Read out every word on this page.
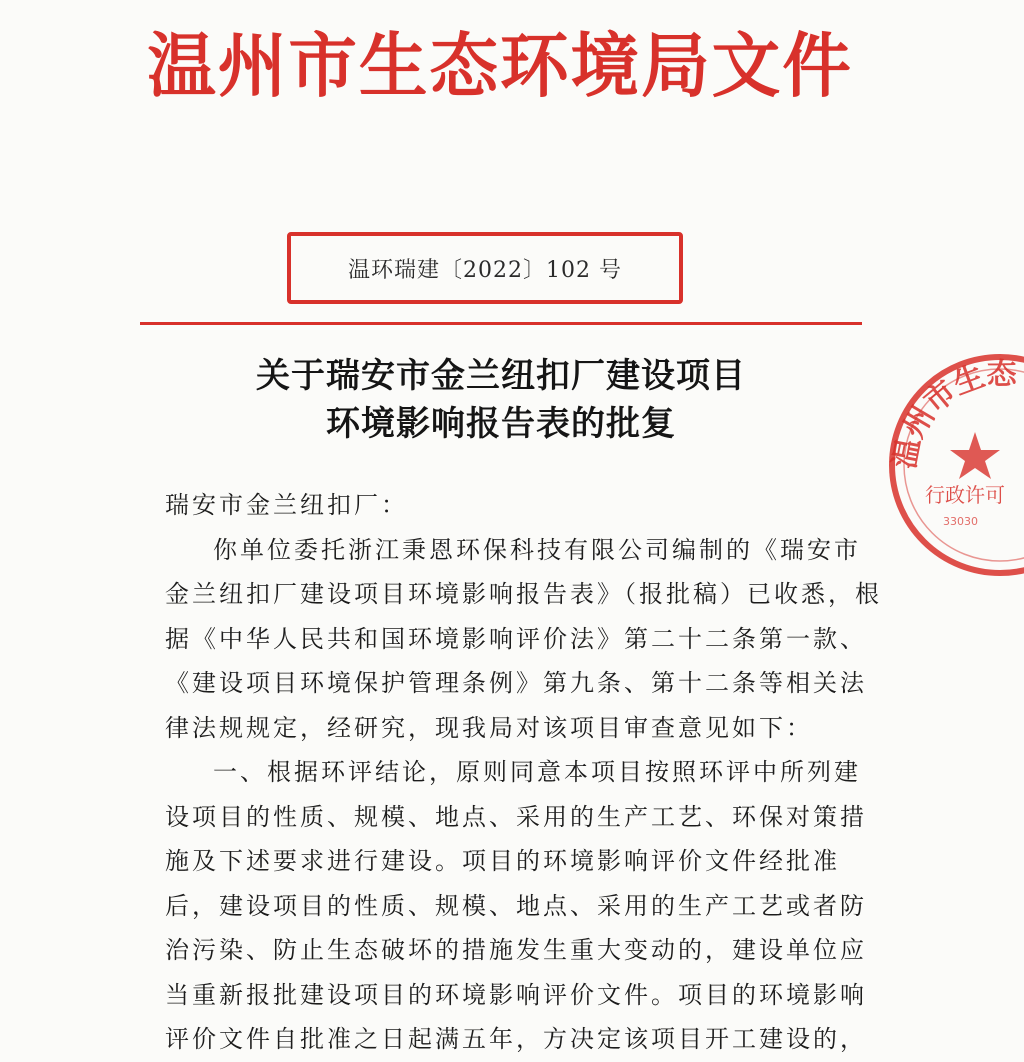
温州市生态环境局文件
温环瑞建〔2022〕102 号
关于瑞安市金兰纽扣厂建设项目
环境影响报告表的批复

瑞安市金兰纽扣厂：

你单位委托浙江秉恩环保科技有限公司编制的《瑞安市金兰纽扣厂建设项目环境影响报告表》（报批稿）已收悉，根据《中华人民共和国环境影响评价法》第二十二条第一款、《建设项目环境保护管理条例》第九条、第十二条等相关法律法规规定，经研究，现我局对该项目审查意见如下：

一、根据环评结论，原则同意本项目按照环评中所列建设项目的性质、规模、地点、采用的生产工艺、环保对策措施及下述要求进行建设。项目的环境影响评价文件经批准后，建设项目的性质、规模、地点、采用的生产工艺或者防治污染、防止生态破坏的措施发生重大变动的，建设单位应当重新报批建设项目的环境影响评价文件。项目的环境影响评价文件自批准之日起满五年，方决定该项目开工建设的，

温州市生态
行政许可
33030
